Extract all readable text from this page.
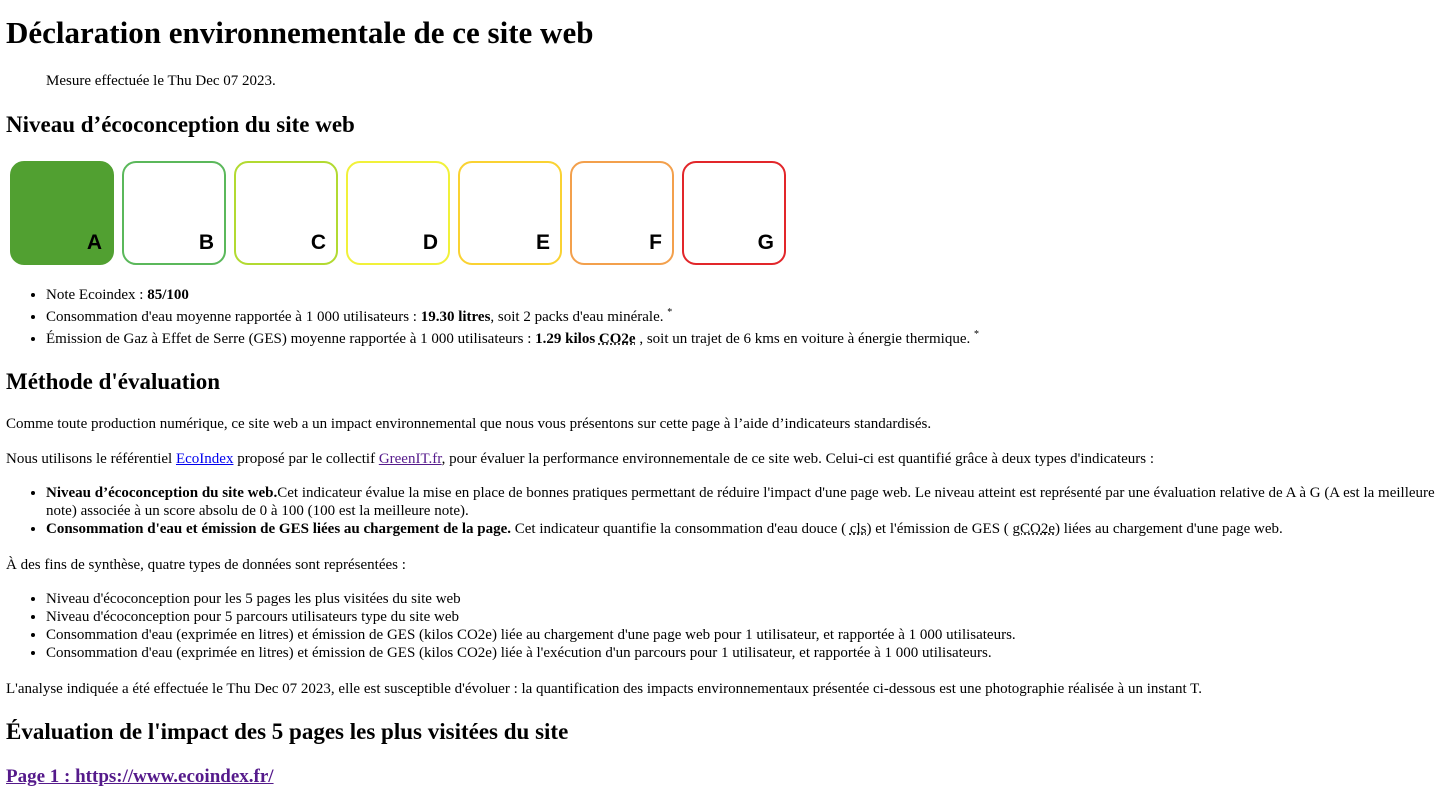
Déclaration environnementale de ce site web

Mesure effectuée le Thu Dec 07 2023.

Niveau d’écoconception du site web
A	B	C	D	E	F	G
• Note Ecoindex : 85/100
• Consommation d'eau moyenne rapportée à 1 000 utilisateurs : 19.30 litres, soit 2 packs d'eau minérale. *
• Émission de Gaz à Effet de Serre (GES) moyenne rapportée à 1 000 utilisateurs : 1.29 kilos CO2e , soit un trajet de 6 kms en voiture à énergie thermique. *
Méthode d'évaluation

Comme toute production numérique, ce site web a un impact environnemental que nous vous présentons sur cette page à l’aide d’indicateurs standardisés.

Nous utilisons le référentiel EcoIndex proposé par le collectif GreenIT.fr, pour évaluer la performance environnementale de ce site web. Celui-ci est quantifié grâce à deux types d'indicateurs :

• Niveau d’écoconception du site web.Cet indicateur évalue la mise en place de bonnes pratiques permettant de réduire l'impact d'une page web. Le niveau atteint est représenté par une évaluation relative de A à G (A est la meilleure note) associée à un score absolu de 0 à 100 (100 est la meilleure note).
• Consommation d'eau et émission de GES liées au chargement de la page. Cet indicateur quantifie la consommation d'eau douce ( cls) et l'émission de GES ( gCO2e) liées au chargement d'une page web.

À des fins de synthèse, quatre types de données sont représentées :

• Niveau d'écoconception pour les 5 pages les plus visitées du site web
• Niveau d'écoconception pour 5 parcours utilisateurs type du site web
• Consommation d'eau (exprimée en litres) et émission de GES (kilos CO2e) liée au chargement d'une page web pour 1 utilisateur, et rapportée à 1 000 utilisateurs.
• Consommation d'eau (exprimée en litres) et émission de GES (kilos CO2e) liée à l'exécution d'un parcours pour 1 utilisateur, et rapportée à 1 000 utilisateurs.

L'analyse indiquée a été effectuée le Thu Dec 07 2023, elle est susceptible d'évoluer : la quantification des impacts environnementaux présentée ci-dessous est une photographie réalisée à un instant T.

Évaluation de l'impact des 5 pages les plus visitées du site
Page 1 : https://www.ecoindex.fr/
